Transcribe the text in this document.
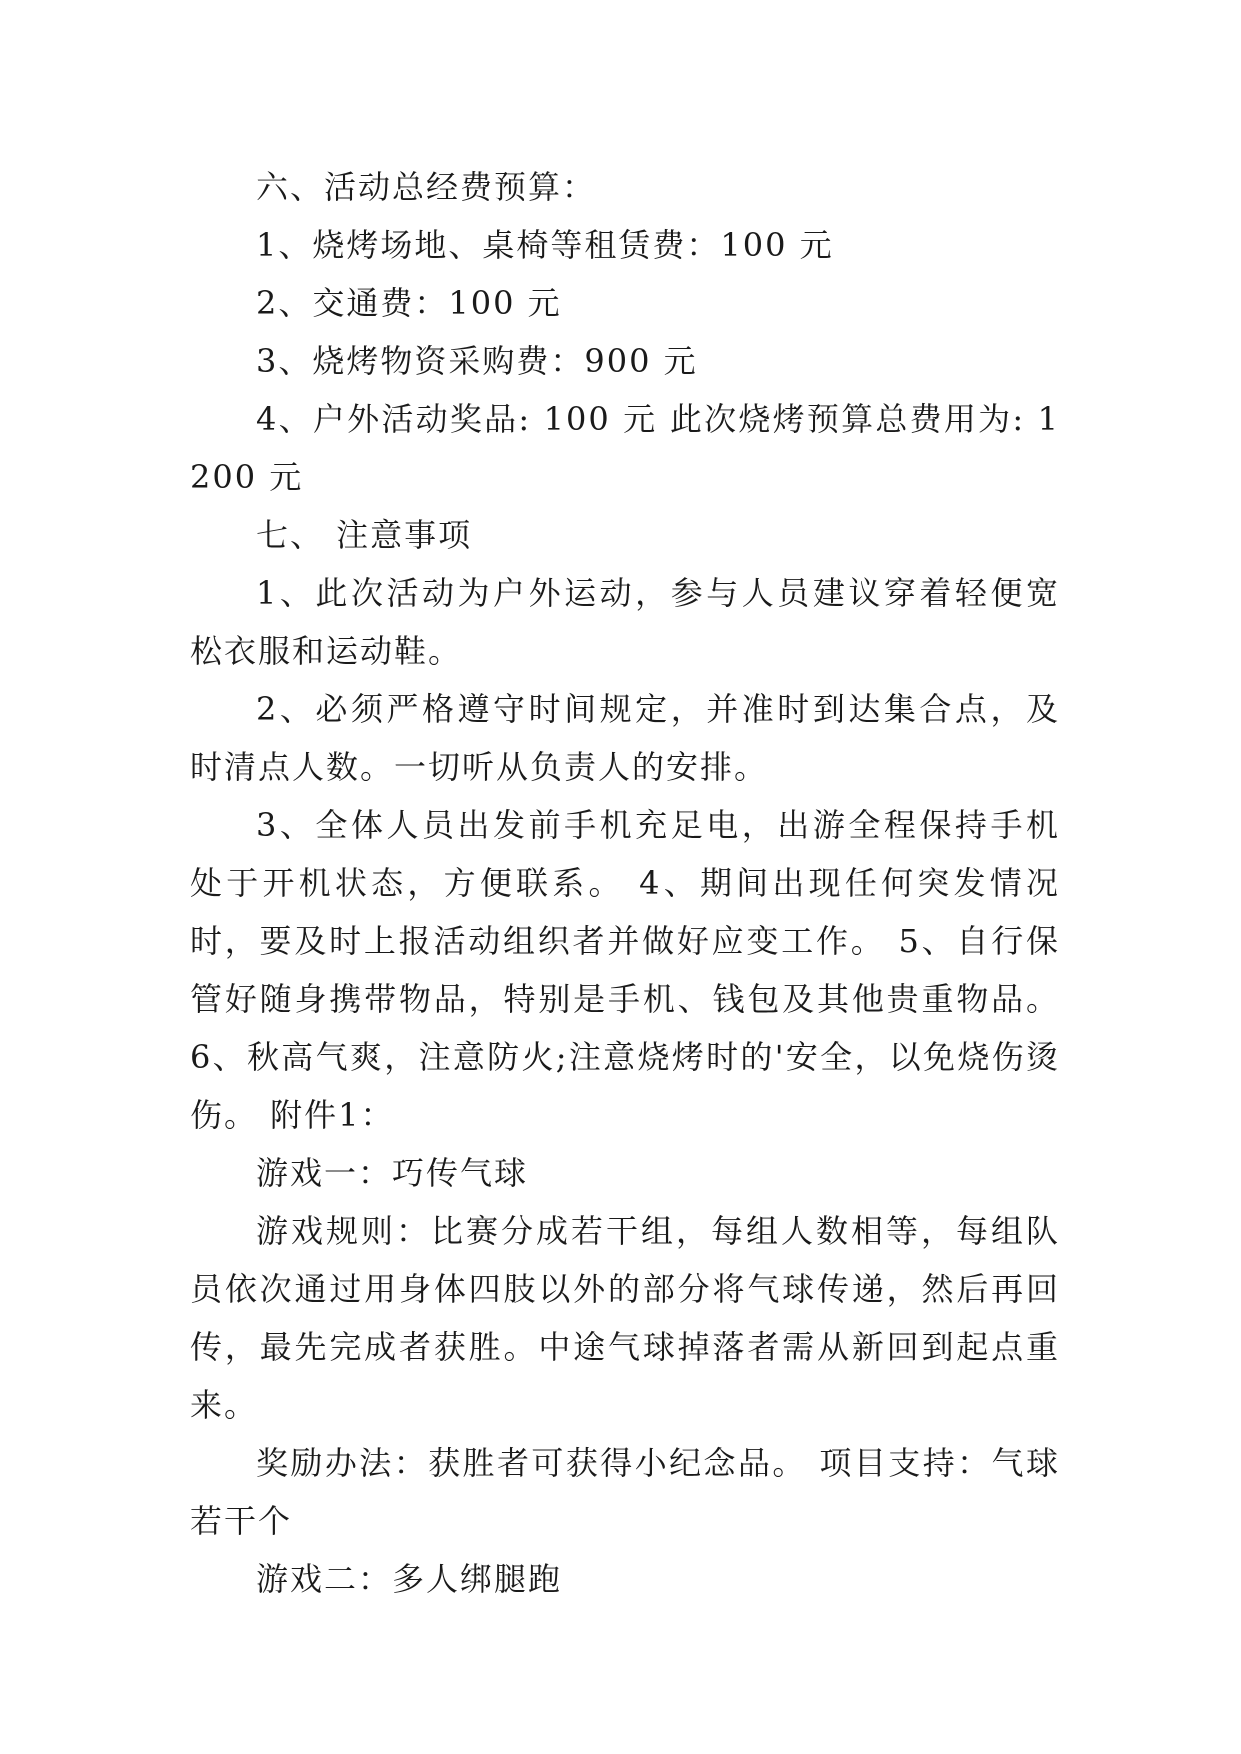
六、活动总经费预算：

1、烧烤场地、桌椅等租赁费：100 元

2、交通费：100 元

3、烧烤物资采购费：900 元

4、户外活动奖品: 100 元 此次烧烤预算总费用为: 1200 元

七、 注意事项

1、此次活动为户外运动，参与人员建议穿着轻便宽松衣服和运动鞋。

2、必须严格遵守时间规定，并准时到达集合点，及时清点人数。一切听从负责人的安排。

3、全体人员出发前手机充足电，出游全程保持手机处于开机状态，方便联系。 4、期间出现任何突发情况时，要及时上报活动组织者并做好应变工作。 5、自行保管好随身携带物品，特别是手机、钱包及其他贵重物品。 6、秋高气爽，注意防火;注意烧烤时的'安全，以免烧伤烫伤。 附件1：

游戏一：巧传气球

游戏规则：比赛分成若干组，每组人数相等，每组队员依次通过用身体四肢以外的部分将气球传递，然后再回传，最先完成者获胜。中途气球掉落者需从新回到起点重来。

奖励办法：获胜者可获得小纪念品。 项目支持：气球若干个

游戏二：多人绑腿跑
